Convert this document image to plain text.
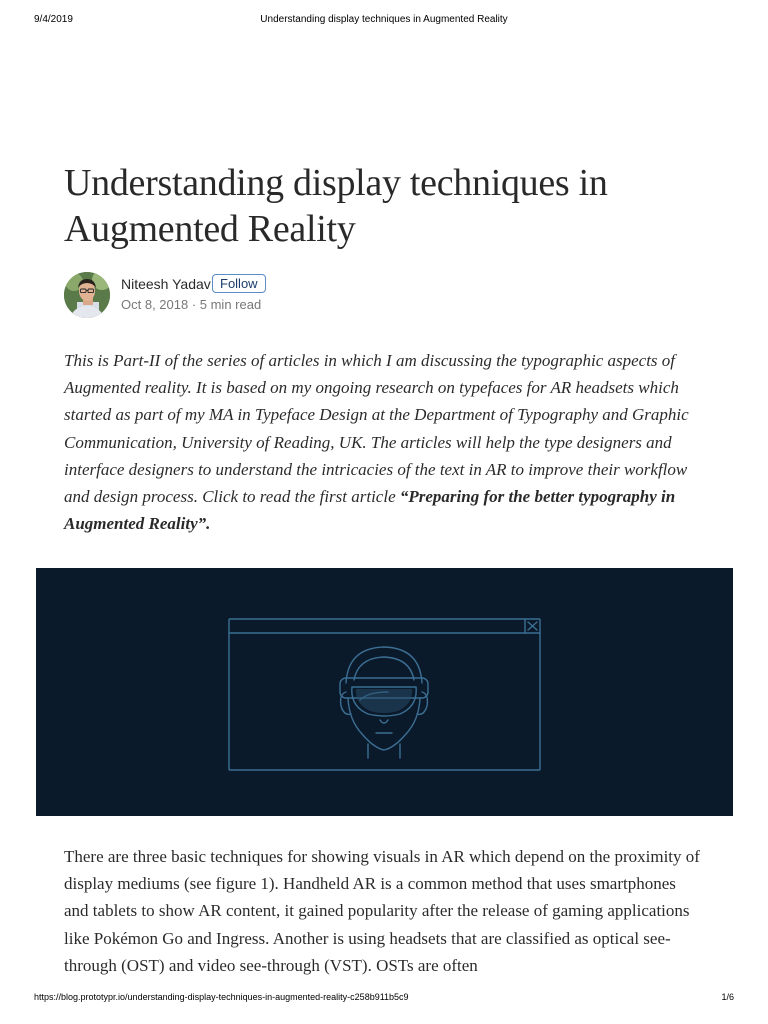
9/4/2019	Understanding display techniques in Augmented Reality
Understanding display techniques in Augmented Reality
Niteesh Yadav Follow
Oct 8, 2018 · 5 min read

This is Part-II of the series of articles in which I am discussing the typographic aspects of Augmented reality. It is based on my ongoing research on typefaces for AR headsets which started as part of my MA in Typeface Design at the Department of Typography and Graphic Communication, University of Reading, UK. The articles will help the type designers and interface designers to understand the intricacies of the text in AR to improve their workflow and design process. Click to read the first article “Preparing for the better typography in Augmented Reality”.

There are three basic techniques for showing visuals in AR which depend on the proximity of display mediums (see figure 1). Handheld AR is a common method that uses smartphones and tablets to show AR content, it gained popularity after the release of gaming applications like Pokémon Go and Ingress. Another is using headsets that are classified as optical see-through (OST) and video see-through (VST). OSTs are often

https://blog.prototypr.io/understanding-display-techniques-in-augmented-reality-c258b911b5c9	1/6
